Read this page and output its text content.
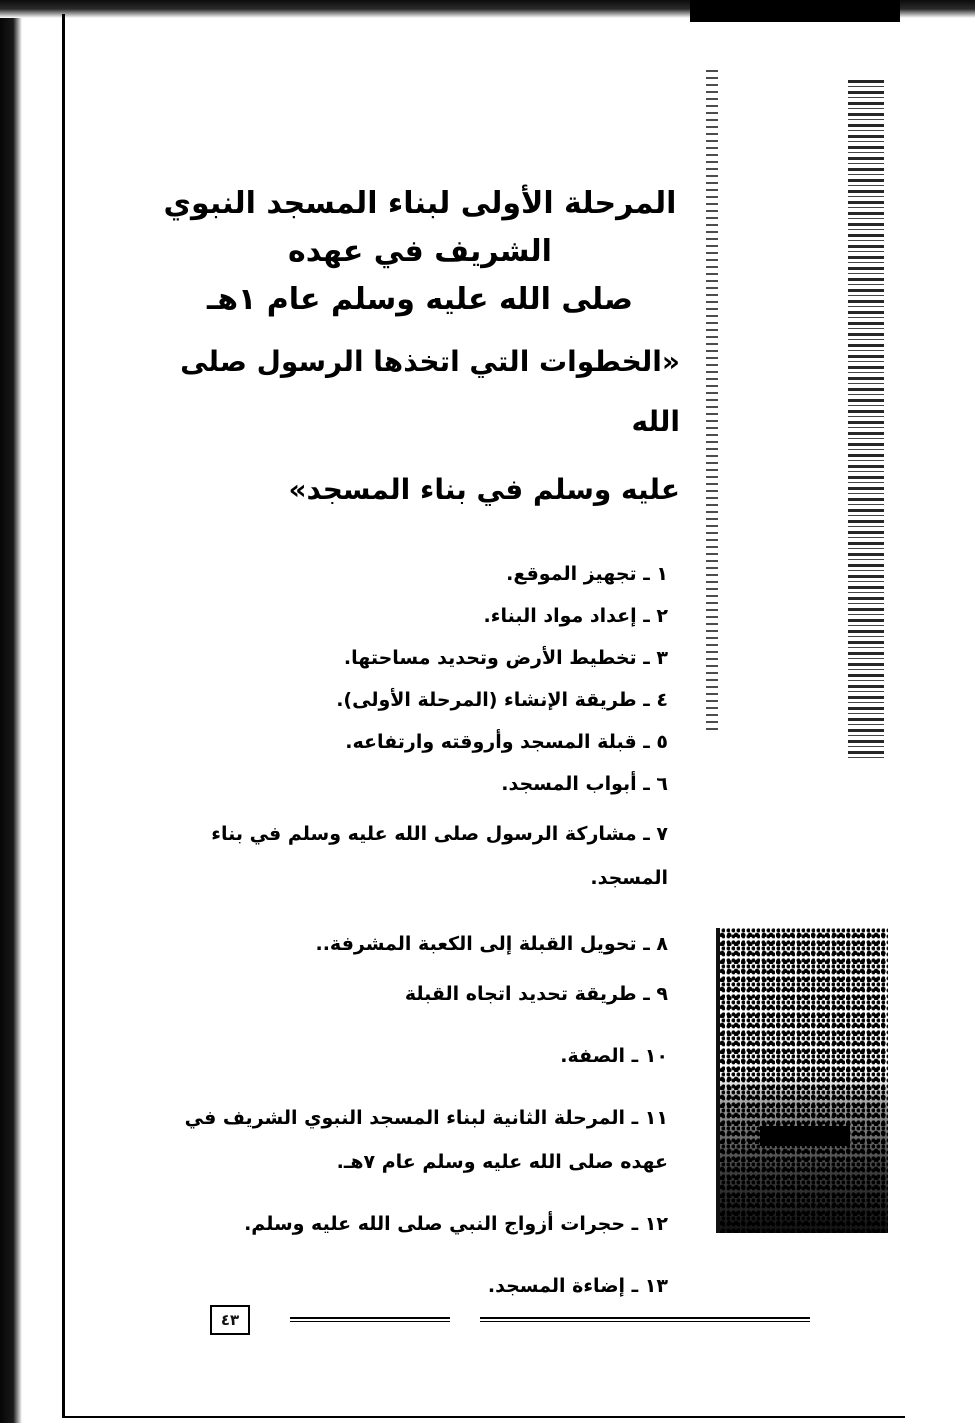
المرحلة الأولى لبناء المسجد النبوي

الشريف في عهده

صلى الله عليه وسلم عام ١هـ

«الخطوات التي اتخذها الرسول صلى الله

عليه وسلم في بناء المسجد»

١ ـ تجهيز الموقع.
٢ ـ إعداد مواد البناء.
٣ ـ تخطيط الأرض وتحديد مساحتها.
٤ ـ طريقة الإنشاء (المرحلة الأولى).
٥ ـ قبلة المسجد وأروقته وارتفاعه.
٦ ـ أبواب المسجد.
٧ ـ مشاركة الرسول صلى الله عليه وسلم في بناء المسجد.
٨ ـ تحويل القبلة إلى الكعبة المشرفة..
٩ ـ طريقة تحديد اتجاه القبلة
١٠ ـ الصفة.
١١ ـ المرحلة الثانية لبناء المسجد النبوي الشريف في عهده صلى الله عليه وسلم عام ٧هـ.
١٢ ـ حجرات أزواج النبي صلى الله عليه وسلم.
١٣ ـ إضاءة المسجد.
٤٣
